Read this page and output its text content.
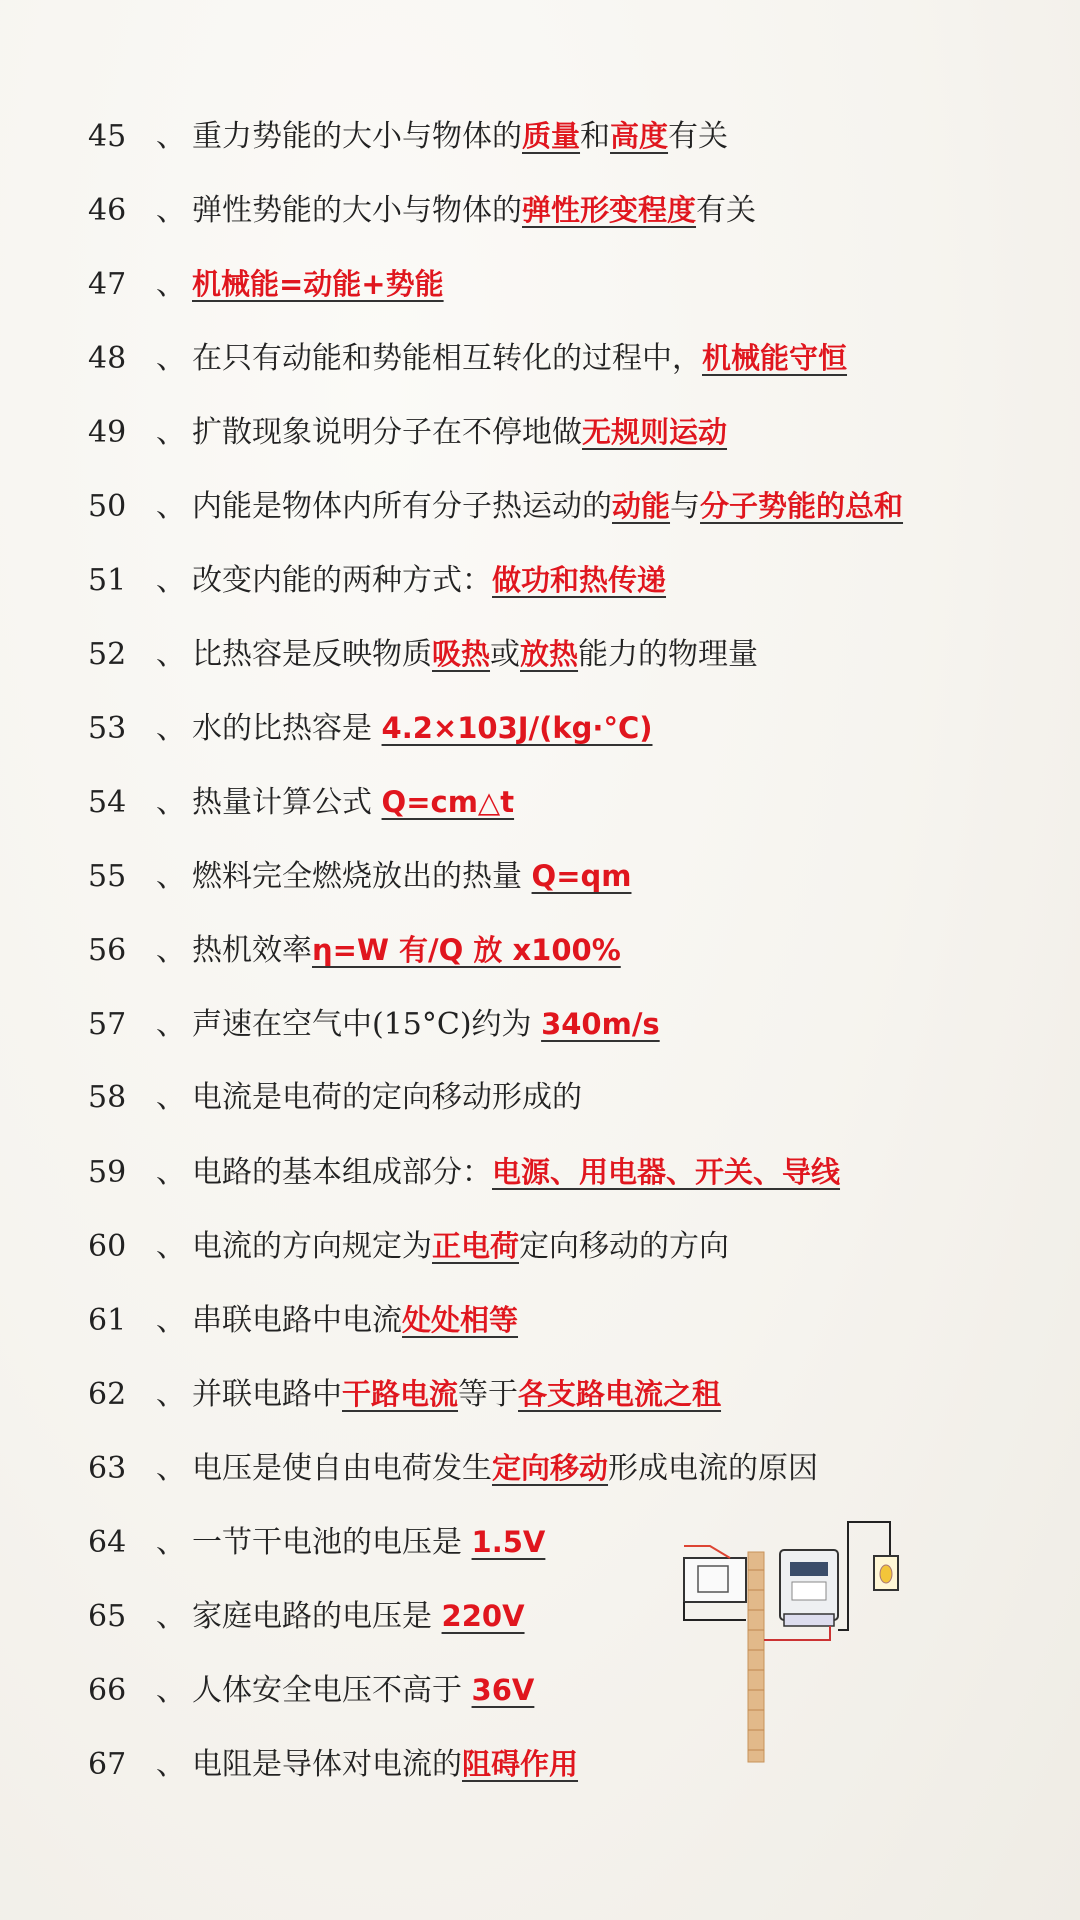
45 、 重力势能的大小与物体的质量和高度有关
46 、 弹性势能的大小与物体的弹性形变程度有关
47 、 机械能=动能+势能
48 、 在只有动能和势能相互转化的过程中，机械能守恒
49 、 扩散现象说明分子在不停地做无规则运动
50 、 内能是物体内所有分子热运动的动能与分子势能的总和
51 、 改变内能的两种方式：做功和热传递
52 、 比热容是反映物质吸热或放热能力的物理量
53 、 水的比热容是 4.2×103J/(kg·°C)
54 、 热量计算公式 Q=cm△t
55 、 燃料完全燃烧放出的热量 Q=qm
56 、 热机效率η=W 有/Q 放 x100%
57 、 声速在空气中(15°C)约为 340m/s
58 、 电流是电荷的定向移动形成的
59 、 电路的基本组成部分：电源、用电器、开关、导线
60 、 电流的方向规定为正电荷定向移动的方向
61 、 串联电路中电流处处相等
62 、 并联电路中干路电流等于各支路电流之租
63 、 电压是使自由电荷发生定向移动形成电流的原因
64 、 一节干电池的电压是 1.5V
65 、 家庭电路的电压是 220V
66 、 人体安全电压不高于 36V
67 、 电阻是导体对电流的阻碍作用
